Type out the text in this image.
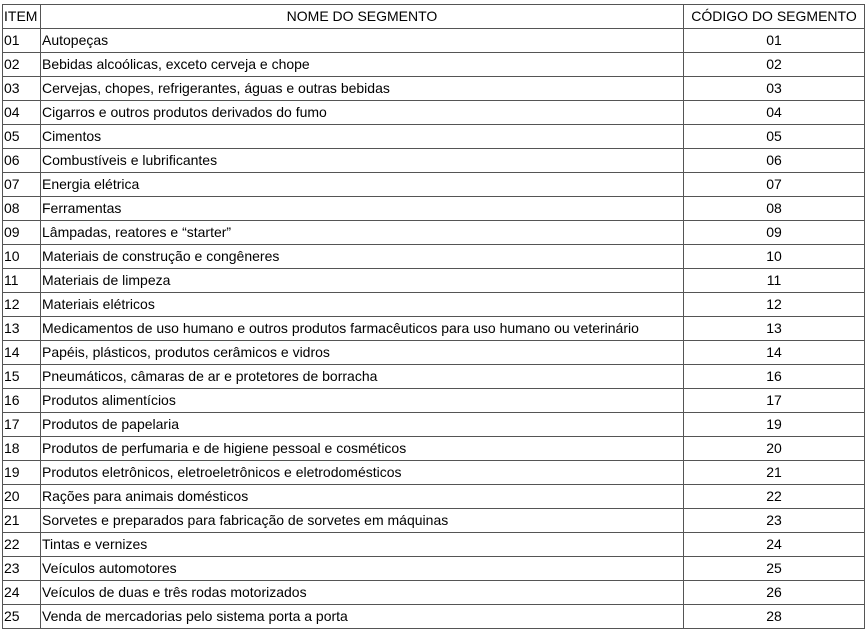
ITEM	NOME DO SEGMENTO	CÓDIGO DO SEGMENTO
01	Autopeças	01
02	Bebidas alcoólicas, exceto cerveja e chope	02
03	Cervejas, chopes, refrigerantes, águas e outras bebidas	03
04	Cigarros e outros produtos derivados do fumo	04
05	Cimentos	05
06	Combustíveis e lubrificantes	06
07	Energia elétrica	07
08	Ferramentas	08
09	Lâmpadas, reatores e “starter”	09
10	Materiais de construção e congêneres	10
11	Materiais de limpeza	11
12	Materiais elétricos	12
13	Medicamentos de uso humano e outros produtos farmacêuticos para uso humano ou veterinário	13
14	Papéis, plásticos, produtos cerâmicos e vidros	14
15	Pneumáticos, câmaras de ar e protetores de borracha	16
16	Produtos alimentícios	17
17	Produtos de papelaria	19
18	Produtos de perfumaria e de higiene pessoal e cosméticos	20
19	Produtos eletrônicos, eletroeletrônicos e eletrodomésticos	21
20	Rações para animais domésticos	22
21	Sorvetes e preparados para fabricação de sorvetes em máquinas	23
22	Tintas e vernizes	24
23	Veículos automotores	25
24	Veículos de duas e três rodas motorizados	26
25	Venda de mercadorias pelo sistema porta a porta	28
